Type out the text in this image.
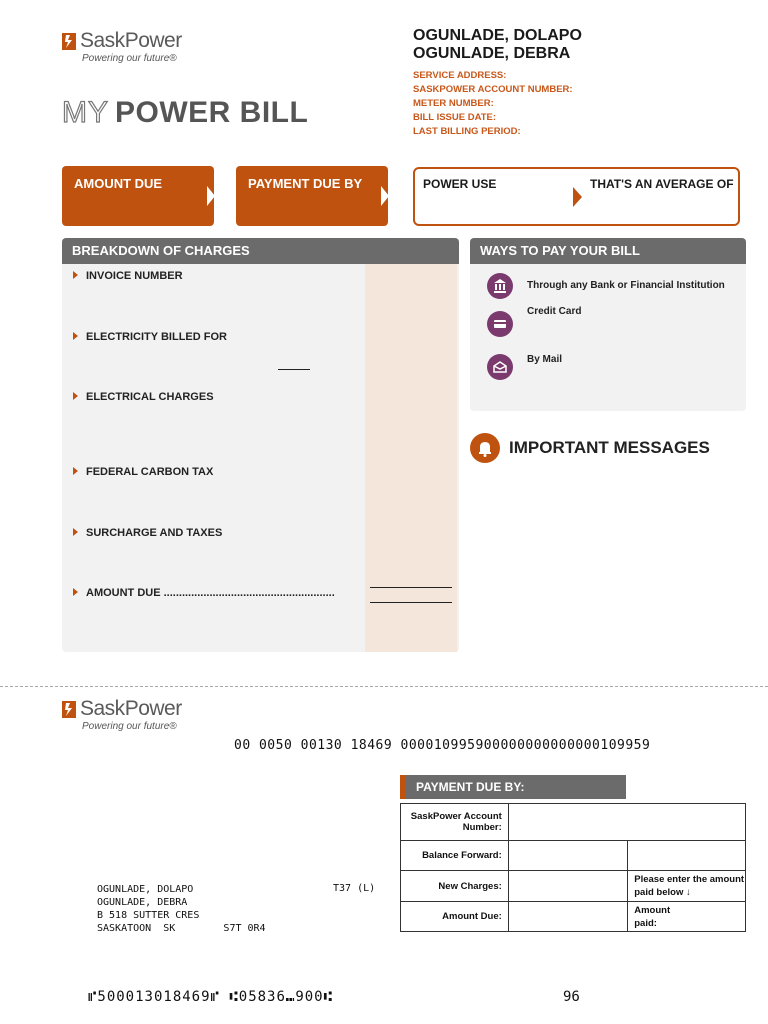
SaskPower
Powering our future®
MY POWER BILL
OGUNLADE, DOLAPO
OGUNLADE, DEBRA
SERVICE ADDRESS:
SASKPOWER ACCOUNT NUMBER:
METER NUMBER:
BILL ISSUE DATE:
LAST BILLING PERIOD:
AMOUNT DUE	PAYMENT DUE BY	POWER USE	THAT'S AN AVERAGE OF
BREAKDOWN OF CHARGES
INVOICE NUMBER
ELECTRICITY BILLED FOR
ELECTRICAL CHARGES
FEDERAL CARBON TAX
SURCHARGE AND TAXES
AMOUNT DUE ........................................................
WAYS TO PAY YOUR BILL
Through any Bank or Financial Institution
Credit Card
By Mail
IMPORTANT MESSAGES
SaskPower
Powering our future®
00 0050 00130 18469 000010995900000000000000109959
PAYMENT DUE BY:
SaskPower Account Number:		
Balance Forward:		
New Charges:		Please enter the amount paid below ↓
Amount Due:		Amount paid:
OGUNLADE, DOLAPO
OGUNLADE, DEBRA
B 518 SUTTER CRES
SASKATOON  SK        S7T 0R4
T37 (L)
⑈500013018469⑈ ⑆05836⑉900⑆	96
